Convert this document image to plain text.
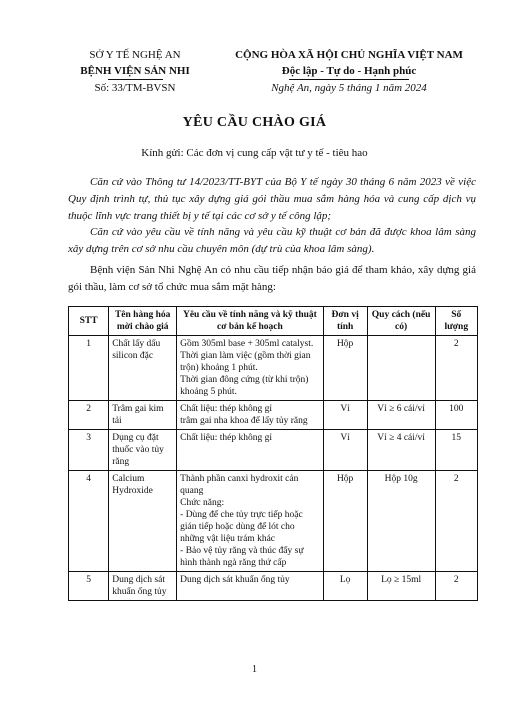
SỞ Y TẾ NGHỆ AN
BỆNH VIỆN SẢN NHI
Số: 33/TM-BVSN
CỘNG HÒA XÃ HỘI CHỦ NGHĨA VIỆT NAM
Độc lập - Tự do - Hạnh phúc
Nghệ An, ngày 5 tháng 1 năm 2024
YÊU CẦU CHÀO GIÁ
Kính gửi: Các đơn vị cung cấp vật tư y tế - tiêu hao
Căn cứ vào Thông tư 14/2023/TT-BYT của Bộ Y tế ngày 30 tháng 6 năm 2023 về việc Quy định trình tự, thủ tục xây dựng giá gói thầu mua sắm hàng hóa và cung cấp dịch vụ thuộc lĩnh vực trang thiết bị y tế tại các cơ sở y tế công lập;
Căn cứ vào yêu cầu về tính năng và yêu cầu kỹ thuật cơ bản đã được khoa lâm sàng xây dựng trên cơ sở nhu cầu chuyên môn (dự trù của khoa lâm sàng).
Bệnh viện Sản Nhi Nghệ An có nhu cầu tiếp nhận báo giá để tham khảo, xây dựng giá gói thầu, làm cơ sở tổ chức mua sắm mặt hàng:
STT	Tên hàng hóa mời chào giá	Yêu cầu về tính năng và kỹ thuật cơ bản kế hoạch	Đơn vị tính	Quy cách (nếu có)	Số lượng
1	Chất lấy dấu silicon đặc	Gồm 305ml base + 305ml catalyst. Thời gian làm việc (gồm thời gian trộn) khoảng 1 phút.
Thời gian đông cứng (từ khi trộn) khoảng 5 phút.	Hộp		2
2	Trâm gai kim tải	Chất liệu: thép không gỉ
trâm gai nha khoa để lấy tủy răng	Vỉ	Vỉ ≥ 6 cái/vỉ	100
3	Dụng cụ đặt thuốc vào tủy răng	Chất liệu: thép không gỉ	Vỉ	Vỉ ≥ 4 cái/vỉ	15
4	Calcium Hydroxide	Thành phần canxi hydroxit cản quang
Chức năng:
- Dùng để che tủy trực tiếp hoặc gián tiếp hoặc dùng để lót cho những vật liệu trám khác
- Bảo vệ tủy răng và thúc đẩy sự hình thành ngà răng thứ cấp	Hộp	Hộp 10g	2
5	Dung dịch sát khuẩn ống tủy	Dung dịch sát khuẩn ống tủy	Lọ	Lọ ≥ 15ml	2
1
